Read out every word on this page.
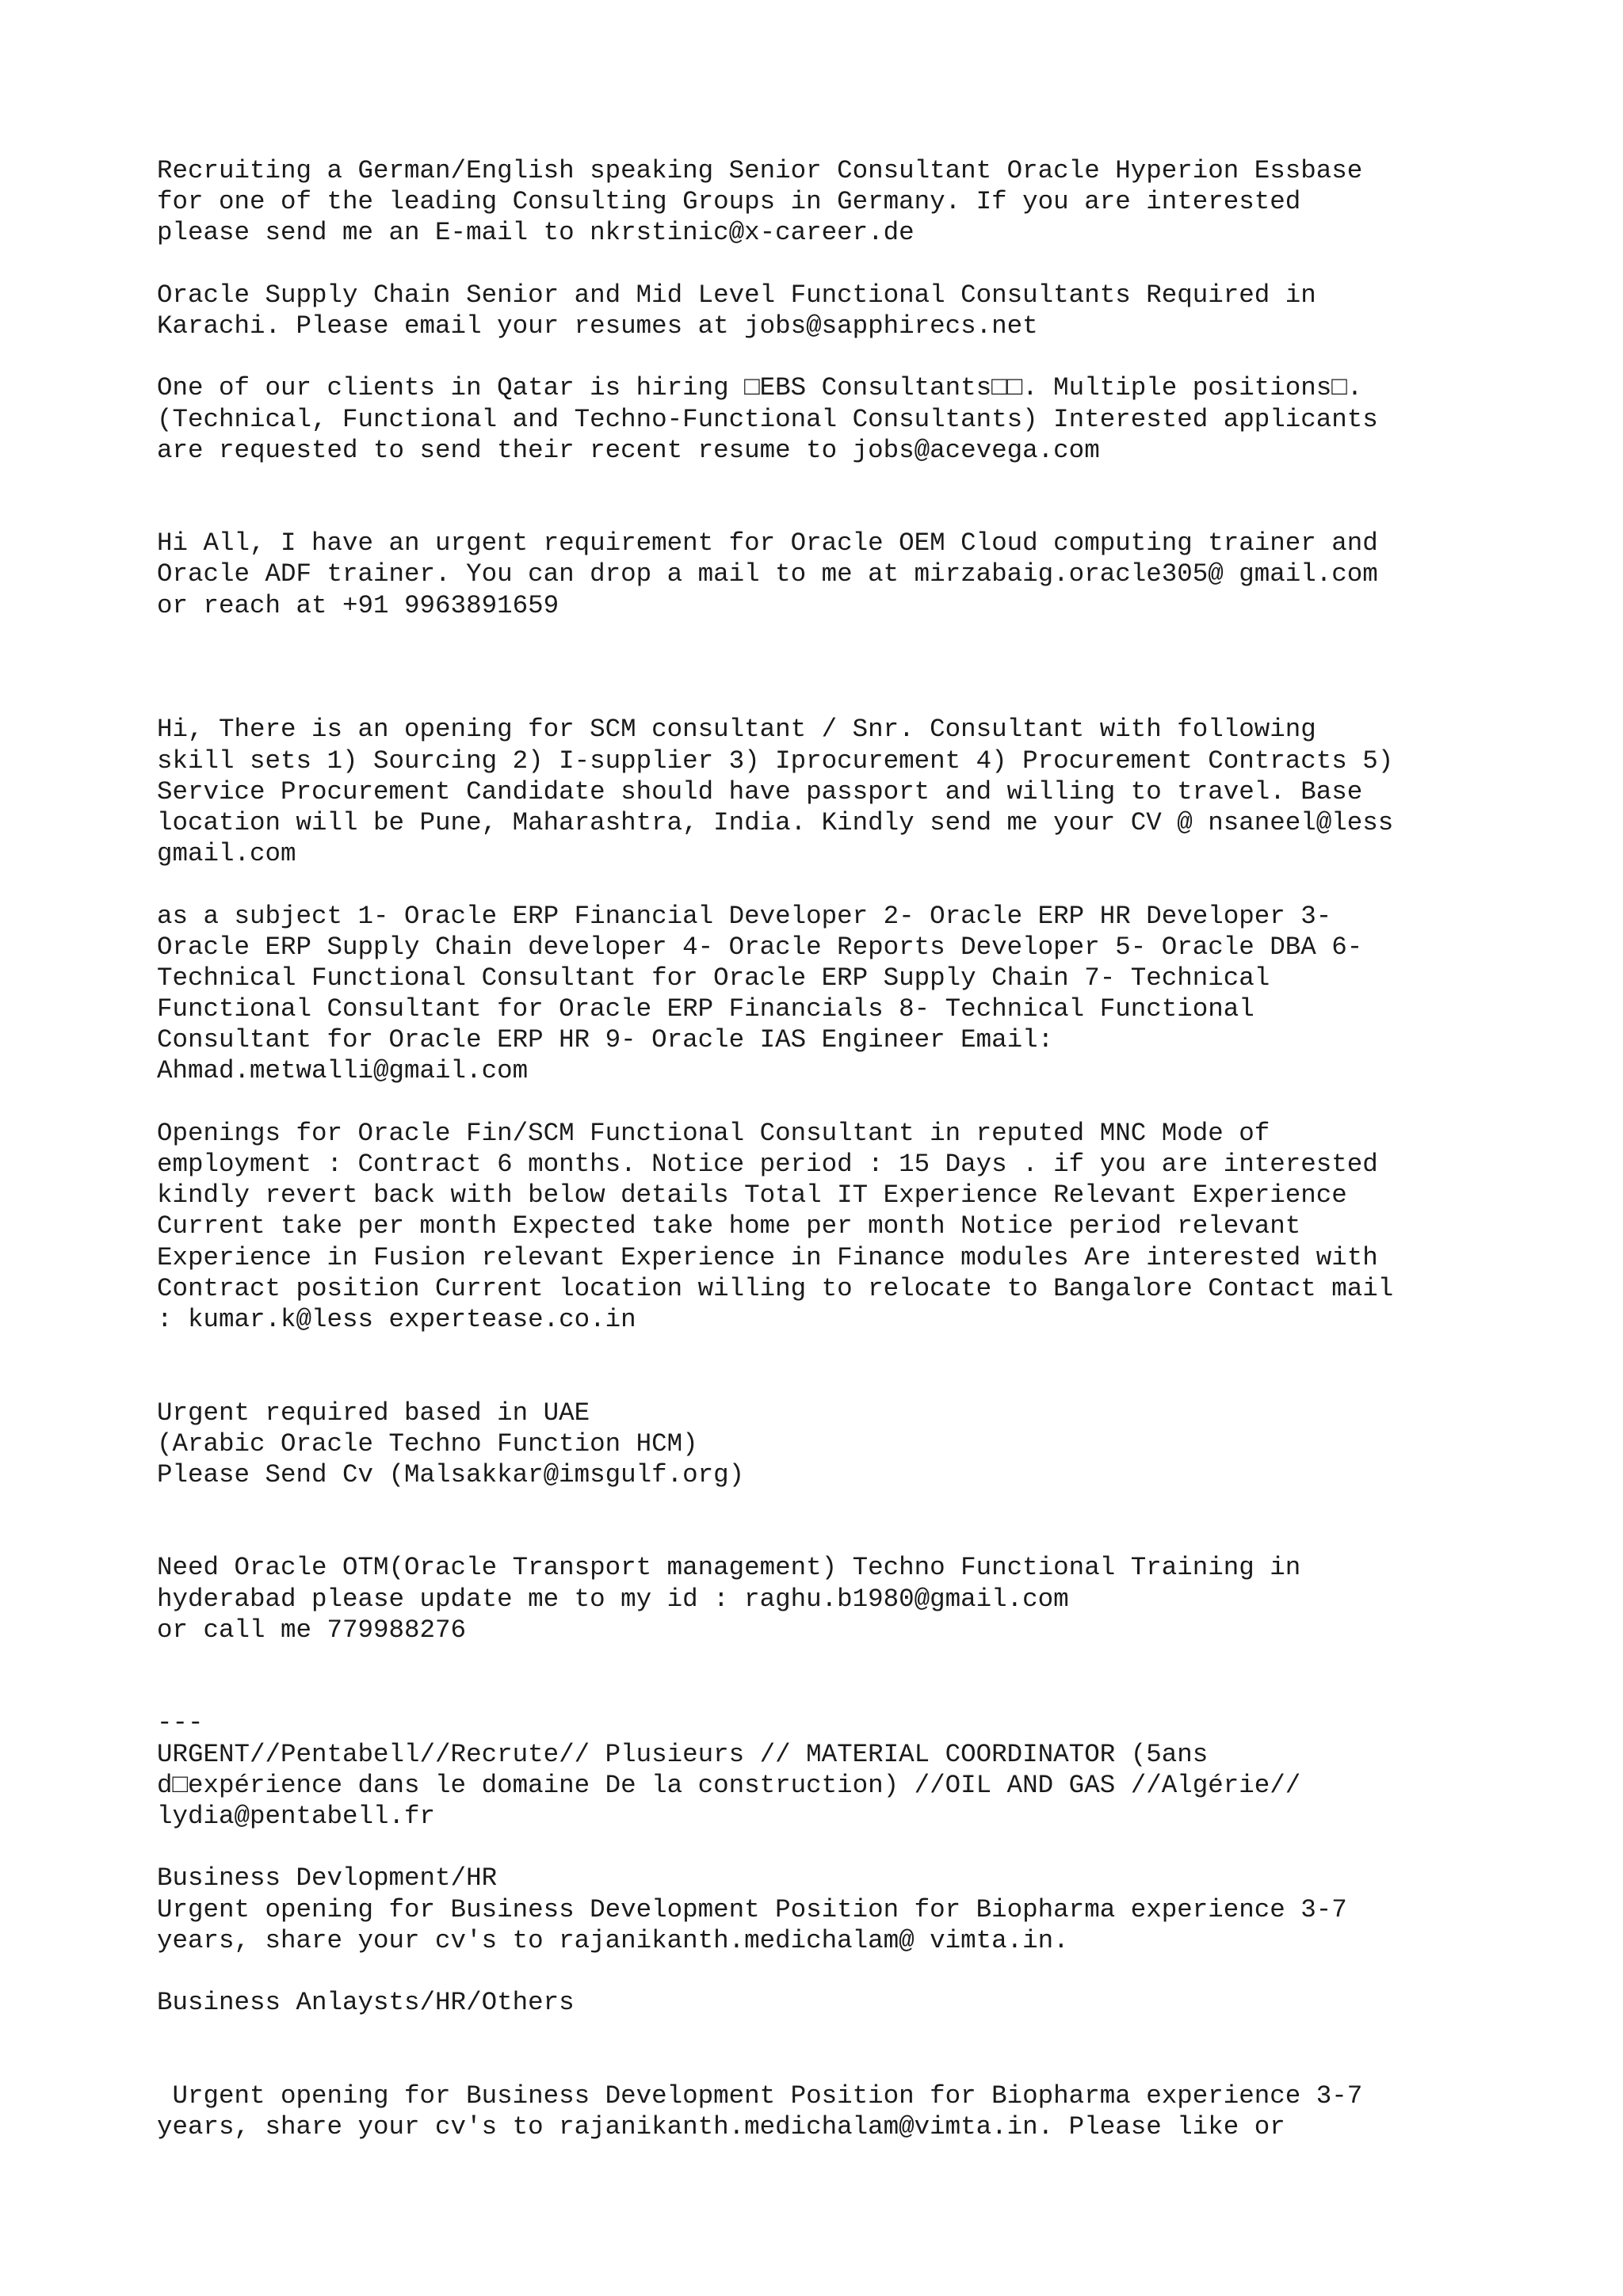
Recruiting a German/English speaking Senior Consultant Oracle Hyperion Essbase
for one of the leading Consulting Groups in Germany. If you are interested
please send me an E-mail to nkrstinic@x-career.de
Oracle Supply Chain Senior and Mid Level Functional Consultants Required in
Karachi. Please email your resumes at jobs@sapphirecs.net
One of our clients in Qatar is hiring □EBS Consultants□□. Multiple positions□.
(Technical, Functional and Techno-Functional Consultants) Interested applicants
are requested to send their recent resume to jobs@acevega.com
Hi All, I have an urgent requirement for Oracle OEM Cloud computing trainer and
Oracle ADF trainer. You can drop a mail to me at mirzabaig.oracle305@ gmail.com
or reach at +91 9963891659
Hi, There is an opening for SCM consultant / Snr. Consultant with following
skill sets 1) Sourcing 2) I-supplier 3) Iprocurement 4) Procurement Contracts 5)
Service Procurement Candidate should have passport and willing to travel. Base
location will be Pune, Maharashtra, India. Kindly send me your CV @ nsaneel@less
gmail.com
as a subject 1- Oracle ERP Financial Developer 2- Oracle ERP HR Developer 3-
Oracle ERP Supply Chain developer 4- Oracle Reports Developer 5- Oracle DBA 6-
Technical Functional Consultant for Oracle ERP Supply Chain 7- Technical
Functional Consultant for Oracle ERP Financials 8- Technical Functional
Consultant for Oracle ERP HR 9- Oracle IAS Engineer Email:
Ahmad.metwalli@gmail.com
Openings for Oracle Fin/SCM Functional Consultant in reputed MNC Mode of
employment : Contract 6 months. Notice period : 15 Days . if you are interested
kindly revert back with below details Total IT Experience Relevant Experience
Current take per month Expected take home per month Notice period relevant
Experience in Fusion relevant Experience in Finance modules Are interested with
Contract position Current location willing to relocate to Bangalore Contact mail
: kumar.k@less expertease.co.in
Urgent required based in UAE
(Arabic Oracle Techno Function HCM)
Please Send Cv (Malsakkar@imsgulf.org)
Need Oracle OTM(Oracle Transport management) Techno Functional Training in
hyderabad please update me to my id : raghu.b1980@gmail.com
or call me 779988276
---
URGENT//Pentabell//Recrute// Plusieurs // MATERIAL COORDINATOR (5ans
d□expérience dans le domaine De la construction) //OIL AND GAS //Algérie//
lydia@pentabell.fr
Business Devlopment/HR
Urgent opening for Business Development Position for Biopharma experience 3-7
years, share your cv's to rajanikanth.medichalam@ vimta.in.
Business Anlaysts/HR/Others
Urgent opening for Business Development Position for Biopharma experience 3-7
years, share your cv's to rajanikanth.medichalam@vimta.in. Please like or
